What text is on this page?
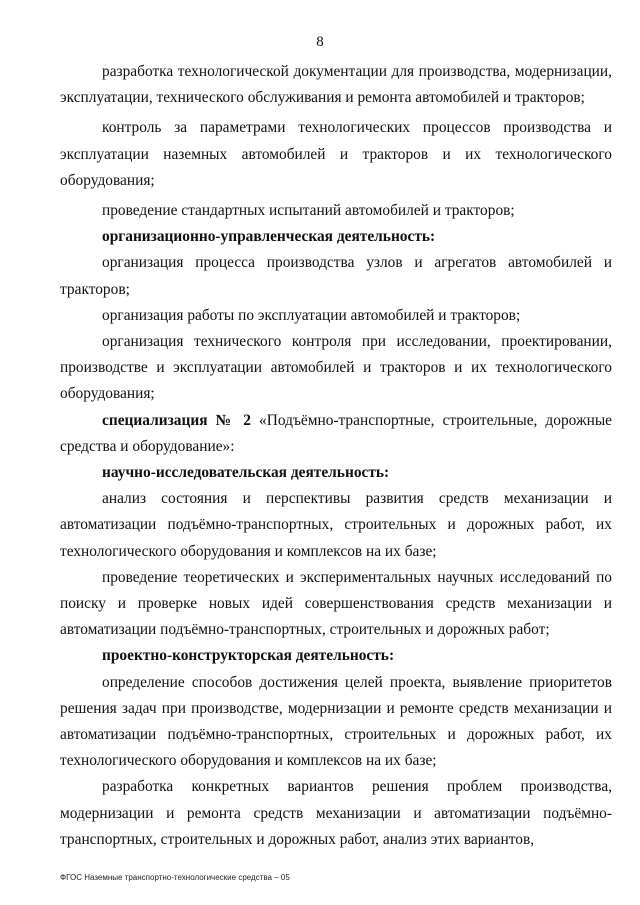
8

разработка технологической документации для производства, модернизации, эксплуатации, технического обслуживания и ремонта автомобилей и тракторов;

контроль за параметрами технологических процессов производства и эксплуатации наземных автомобилей и тракторов и их технологического оборудования;

проведение стандартных испытаний автомобилей и тракторов;

организационно-управленческая деятельность:

организация процесса производства узлов и агрегатов автомобилей и тракторов;

организация работы по эксплуатации автомобилей и тракторов;

организация технического контроля при исследовании, проектировании, производстве и эксплуатации автомобилей и тракторов и их технологического оборудования;

специализация № 2 «Подъёмно-транспортные, строительные, дорожные средства и оборудование»:

научно-исследовательская деятельность:

анализ состояния и перспективы развития средств механизации и автоматизации подъёмно-транспортных, строительных и дорожных работ, их технологического оборудования и комплексов на их базе;

проведение теоретических и экспериментальных научных исследований по поиску и проверке новых идей совершенствования средств механизации и автоматизации подъёмно-транспортных, строительных и дорожных работ;

проектно-конструкторская деятельность:

определение способов достижения целей проекта, выявление приоритетов решения задач при производстве, модернизации и ремонте средств механизации и автоматизации подъёмно-транспортных, строительных и дорожных работ, их технологического оборудования и комплексов на их базе;

разработка конкретных вариантов решения проблем производства, модернизации и ремонта средств механизации и автоматизации подъёмно-транспортных, строительных и дорожных работ, анализ этих вариантов,

ФГОС Наземные транспортно-технологические средства – 05
